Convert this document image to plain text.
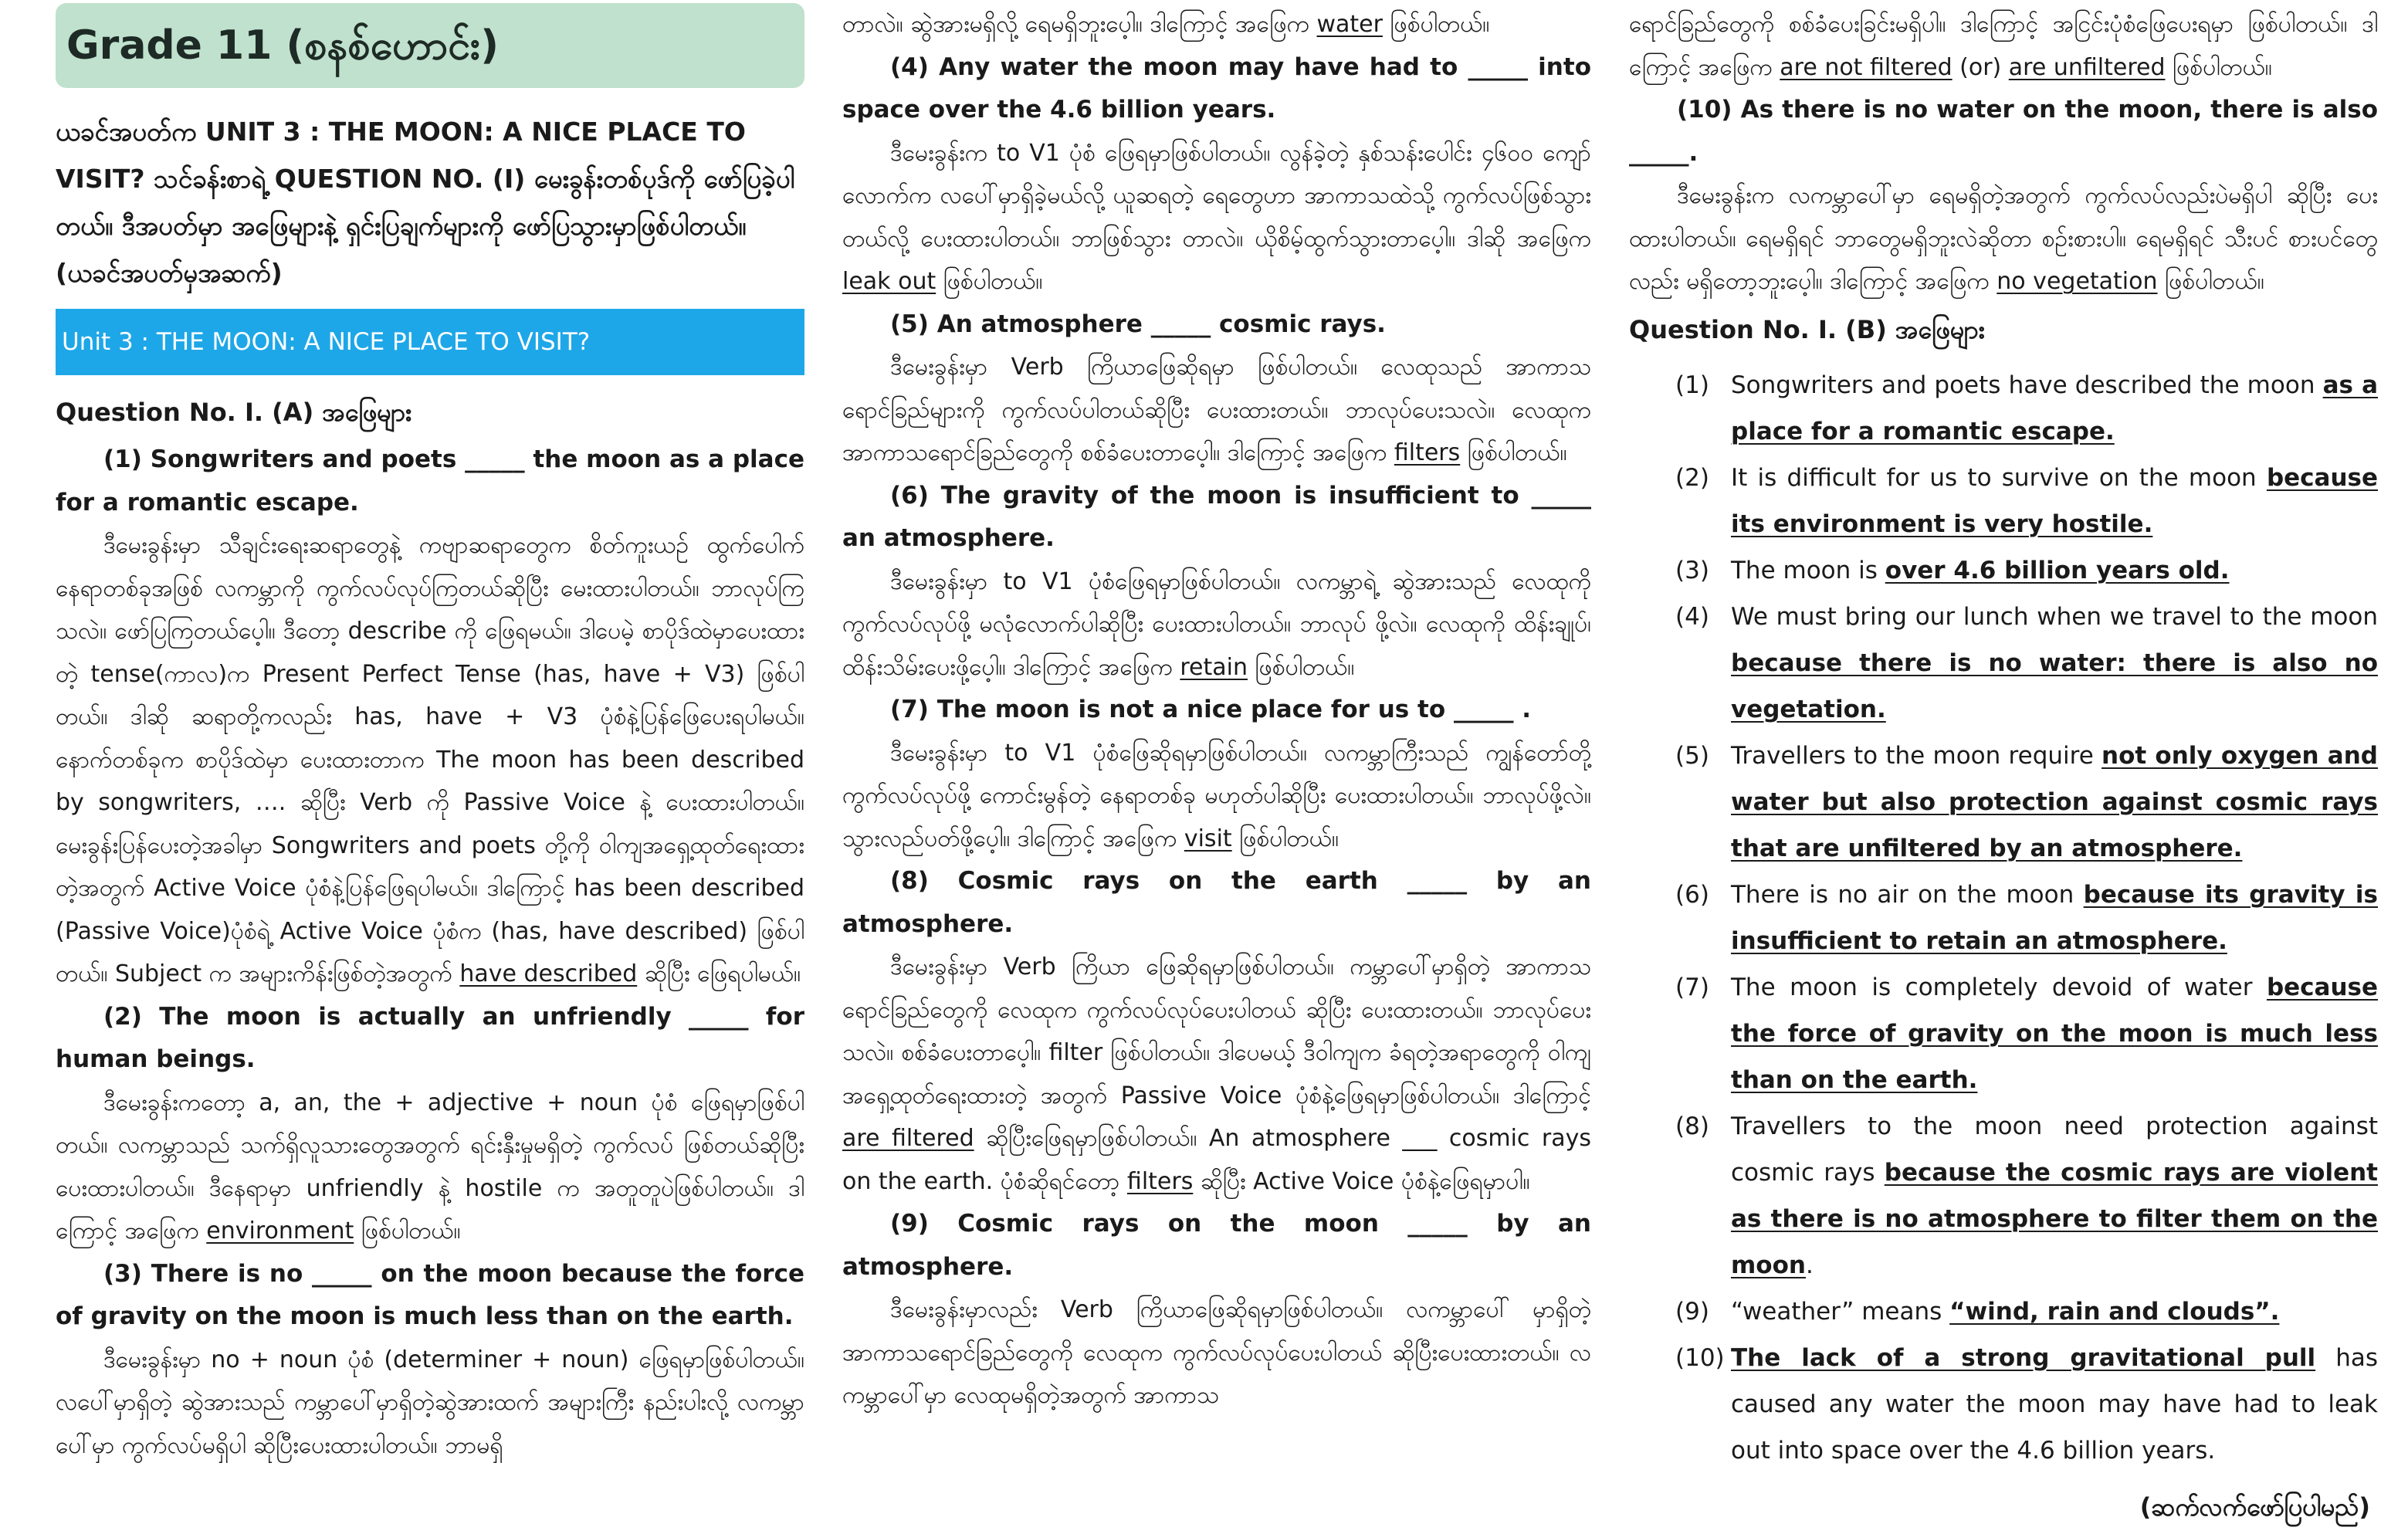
Grade 11 (စနစ်ဟောင်း)

ယခင်အပတ်က UNIT 3 : THE MOON: A NICE PLACE TO VISIT? သင်ခန်းစာရဲ့ QUESTION NO. (I) မေးခွန်းတစ်ပုဒ်ကို ဖော်ပြခဲ့ပါတယ်။ ဒီအပတ်မှာ အဖြေများနဲ့ ရှင်းပြချက်များကို ဖော်ပြသွားမှာဖြစ်ပါတယ်။ (ယခင်အပတ်မှအဆက်)

Unit 3 : THE MOON: A NICE PLACE TO VISIT?
Question No. I. (A) အဖြေများ

(1) Songwriters and poets _____ the moon as a place for a romantic escape.

ဒီမေးခွန်းမှာ သီချင်းရေးဆရာတွေနဲ့ ကဗျာဆရာတွေက စိတ်ကူးယဉ် ထွက်ပေါက်နေရာတစ်ခုအဖြစ် လကမ္ဘာကို ကွက်လပ်လုပ်ကြတယ်ဆိုပြီး မေးထားပါတယ်။ ဘာလုပ်ကြသလဲ။ ဖော်ပြကြတယ်ပေ့ါ။ ဒီတော့ describe ကို ဖြေရမယ်။ ဒါပေမဲ့ စာပိုဒ်ထဲမှာပေးထားတဲ့ tense(ကာလ)က Present Perfect Tense (has, have + V3) ဖြစ်ပါတယ်။ ဒါဆို ဆရာတို့ကလည်း has, have + V3 ပုံစံနဲ့ပြန်ဖြေပေးရပါမယ်။ နောက်တစ်ခုက စာပိုဒ်ထဲမှာ ပေးထားတာက The moon has been described by songwriters, …. ဆိုပြီး Verb ကို Passive Voice နဲ့ ပေးထားပါတယ်။ မေးခွန်းပြန်ပေးတဲ့အခါမှာ Songwriters and poets တို့ကို ဝါကျအရှေ့ထုတ်ရေးထားတဲ့အတွက် Active Voice ပုံစံနဲ့ပြန်ဖြေရပါမယ်။ ဒါကြောင့် has been described (Passive Voice)ပုံစံရဲ့ Active Voice ပုံစံက (has, have described) ဖြစ်ပါ တယ်။ Subject က အများကိန်းဖြစ်တဲ့အတွက် have described ဆိုပြီး ဖြေရပါမယ်။

(2) The moon is actually an unfriendly _____ for human beings.

ဒီမေးခွန်းကတော့ a, an, the + adjective + noun ပုံစံ ဖြေရမှာဖြစ်ပါ တယ်။ လကမ္ဘာသည် သက်ရှိလူသားတွေအတွက် ရင်းနှီးမှုမရှိတဲ့ ကွက်လပ် ဖြစ်တယ်ဆိုပြီး ပေးထားပါတယ်။ ဒီနေရာမှာ unfriendly နဲ့ hostile က အတူတူပဲဖြစ်ပါတယ်။ ဒါကြောင့် အဖြေက environment ဖြစ်ပါတယ်။

(3) There is no _____ on the moon because the force of gravity on the moon is much less than on the earth.

ဒီမေးခွန်းမှာ no + noun ပုံစံ (determiner + noun) ဖြေရမှာဖြစ်ပါတယ်။ လပေါ်မှာရှိတဲ့ ဆွဲအားသည် ကမ္ဘာပေါ်မှာရှိတဲ့ဆွဲအားထက် အများကြီး နည်းပါးလို့ လကမ္ဘာပေါ်မှာ ကွက်လပ်မရှိပါ ဆိုပြီးပေးထားပါတယ်။ ဘာမရှိ

တာလဲ။ ဆွဲအားမရှိလို့ ရေမရှိဘူးပေ့ါ။ ဒါကြောင့် အဖြေက water ဖြစ်ပါတယ်။

(4) Any water the moon may have had to _____ into space over the 4.6 billion years.

ဒီမေးခွန်းက to V1 ပုံစံ ဖြေရမှာဖြစ်ပါတယ်။ လွန်ခဲ့တဲ့ နှစ်သန်းပေါင်း ၄၆၀၀ ကျော်လောက်က လပေါ်မှာရှိခဲ့မယ်လို့ ယူဆရတဲ့ ရေတွေဟာ အာကာသထဲသို့ ကွက်လပ်ဖြစ်သွားတယ်လို့ ပေးထားပါတယ်။ ဘာဖြစ်သွား တာလဲ။ ယိုစိမ့်ထွက်သွားတာပေ့ါ။ ဒါဆို အဖြေက leak out ဖြစ်ပါတယ်။

(5) An atmosphere _____ cosmic rays.

ဒီမေးခွန်းမှာ Verb ကြိယာဖြေဆိုရမှာ ဖြစ်ပါတယ်။ လေထုသည် အာကာသရောင်ခြည်များကို ကွက်လပ်ပါတယ်ဆိုပြီး ပေးထားတယ်။ ဘာလုပ်ပေးသလဲ။ လေထုက အာကာသရောင်ခြည်တွေကို စစ်ခံပေးတာပေ့ါ။ ဒါကြောင့် အဖြေက filters ဖြစ်ပါတယ်။

(6) The gravity of the moon is insufficient to _____ an atmosphere.

ဒီမေးခွန်းမှာ to V1 ပုံစံဖြေရမှာဖြစ်ပါတယ်။ လကမ္ဘာရဲ့ ဆွဲအားသည် လေထုကို ကွက်လပ်လုပ်ဖို့ မလုံလောက်ပါဆိုပြီး ပေးထားပါတယ်။ ဘာလုပ် ဖို့လဲ။ လေထုကို ထိန်းချုပ်၊ ထိန်းသိမ်းပေးဖို့ပေ့ါ။ ဒါကြောင့် အဖြေက retain ဖြစ်ပါတယ်။

(7) The moon is not a nice place for us to _____ .

ဒီမေးခွန်းမှာ to V1 ပုံစံဖြေဆိုရမှာဖြစ်ပါတယ်။ လကမ္ဘာကြီးသည် ကျွန်တော်တို့ ကွက်လပ်လုပ်ဖို့ ကောင်းမွန်တဲ့ နေရာတစ်ခု မဟုတ်ပါဆိုပြီး ပေးထားပါတယ်။ ဘာလုပ်ဖို့လဲ။ သွားလည်ပတ်ဖို့ပေ့ါ။ ဒါကြောင့် အဖြေက visit ဖြစ်ပါတယ်။

(8) Cosmic rays on the earth _____ by an atmosphere.

ဒီမေးခွန်းမှာ Verb ကြိယာ ဖြေဆိုရမှာဖြစ်ပါတယ်။ ကမ္ဘာပေါ်မှာရှိတဲ့ အာကာသရောင်ခြည်တွေကို လေထုက ကွက်လပ်လုပ်ပေးပါတယ် ဆိုပြီး ပေးထားတယ်။ ဘာလုပ်ပေးသလဲ။ စစ်ခံပေးတာပေ့ါ။ filter ဖြစ်ပါတယ်။ ဒါပေမယ့် ဒီဝါကျက ခံရတဲ့အရာတွေကို ဝါကျအရှေ့ထုတ်ရေးထားတဲ့ အတွက် Passive Voice ပုံစံနဲ့ဖြေရမှာဖြစ်ပါတယ်။ ဒါကြောင့် are filtered ဆိုပြီးဖြေရမှာဖြစ်ပါတယ်။ An atmosphere ___ cosmic rays on the earth. ပုံစံဆိုရင်တော့ filters ဆိုပြီး Active Voice ပုံစံနဲ့ဖြေရမှာပါ။

(9) Cosmic rays on the moon _____ by an atmosphere.

ဒီမေးခွန်းမှာလည်း Verb ကြိယာဖြေဆိုရမှာဖြစ်ပါတယ်။ လကမ္ဘာပေါ် မှာရှိတဲ့ အာကာသရောင်ခြည်တွေကို လေထုက ကွက်လပ်လုပ်ပေးပါတယ် ဆိုပြီးပေးထားတယ်။ လကမ္ဘာပေါ်မှာ လေထုမရှိတဲ့အတွက် အာကာသ

ရောင်ခြည်တွေကို စစ်ခံပေးခြင်းမရှိပါ။ ဒါကြောင့် အငြင်းပုံစံဖြေပေးရမှာ ဖြစ်ပါတယ်။ ဒါကြောင့် အဖြေက are not filtered (or) are unfiltered ဖြစ်ပါတယ်။

(10) As there is no water on the moon, there is also _____.

ဒီမေးခွန်းက လကမ္ဘာပေါ်မှာ ရေမရှိတဲ့အတွက် ကွက်လပ်လည်းပဲမရှိပါ ဆိုပြီး ပေးထားပါတယ်။ ရေမရှိရင် ဘာတွေမရှိဘူးလဲဆိုတာ စဉ်းစားပါ။ ရေမရှိရင် သီးပင် စားပင်တွေလည်း မရှိတော့ဘူးပေ့ါ။ ဒါကြောင့် အဖြေက no vegetation ဖြစ်ပါတယ်။

Question No. I. (B) အဖြေများ
(1) Songwriters and poets have described the moon as a place for a romantic escape.
(2) It is difficult for us to survive on the moon because its environment is very hostile.
(3) The moon is over 4.6 billion years old.
(4) We must bring our lunch when we travel to the moon because there is no water: there is also no vegetation.
(5) Travellers to the moon require not only oxygen and water but also protection against cosmic rays that are unfiltered by an atmosphere.
(6) There is no air on the moon because its gravity is insufficient to retain an atmosphere.
(7) The moon is completely devoid of water because the force of gravity on the moon is much less than on the earth.
(8) Travellers to the moon need protection against cosmic rays because the cosmic rays are violent as there is no atmosphere to filter them on the moon.
(9) “weather” means “wind, rain and clouds”.
(10) The lack of a strong gravitational pull has caused any water the moon may have had to leak out into space over the 4.6 billion years.
(ဆက်လက်ဖော်ပြပါမည်)
